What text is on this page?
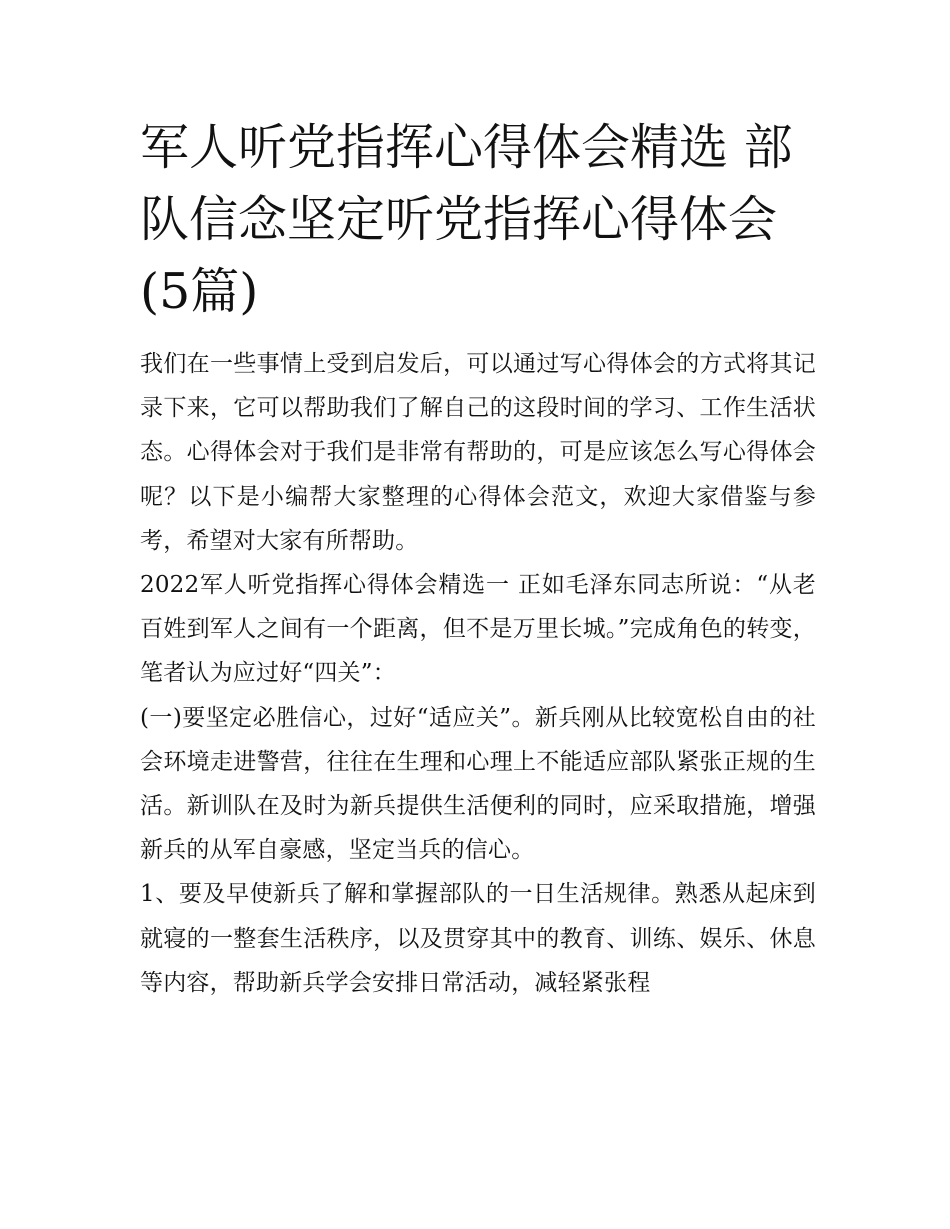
军人听党指挥心得体会精选 部队信念坚定听党指挥心得体会(5篇)

我们在一些事情上受到启发后，可以通过写心得体会的方式将其记录下来，它可以帮助我们了解自己的这段时间的学习、工作生活状态。心得体会对于我们是非常有帮助的，可是应该怎么写心得体会呢？以下是小编帮大家整理的心得体会范文，欢迎大家借鉴与参考，希望对大家有所帮助。

2022军人听党指挥心得体会精选一 正如毛泽东同志所说：“从老百姓到军人之间有一个距离，但不是万里长城。”完成角色的转变，笔者认为应过好“四关”：

(一)要坚定必胜信心，过好“适应关”。新兵刚从比较宽松自由的社会环境走进警营，往往在生理和心理上不能适应部队紧张正规的生活。新训队在及时为新兵提供生活便利的同时，应采取措施，增强新兵的从军自豪感，坚定当兵的信心。

1、要及早使新兵了解和掌握部队的一日生活规律。熟悉从起床到就寝的一整套生活秩序，以及贯穿其中的教育、训练、娱乐、休息等内容，帮助新兵学会安排日常活动，减轻紧张程
